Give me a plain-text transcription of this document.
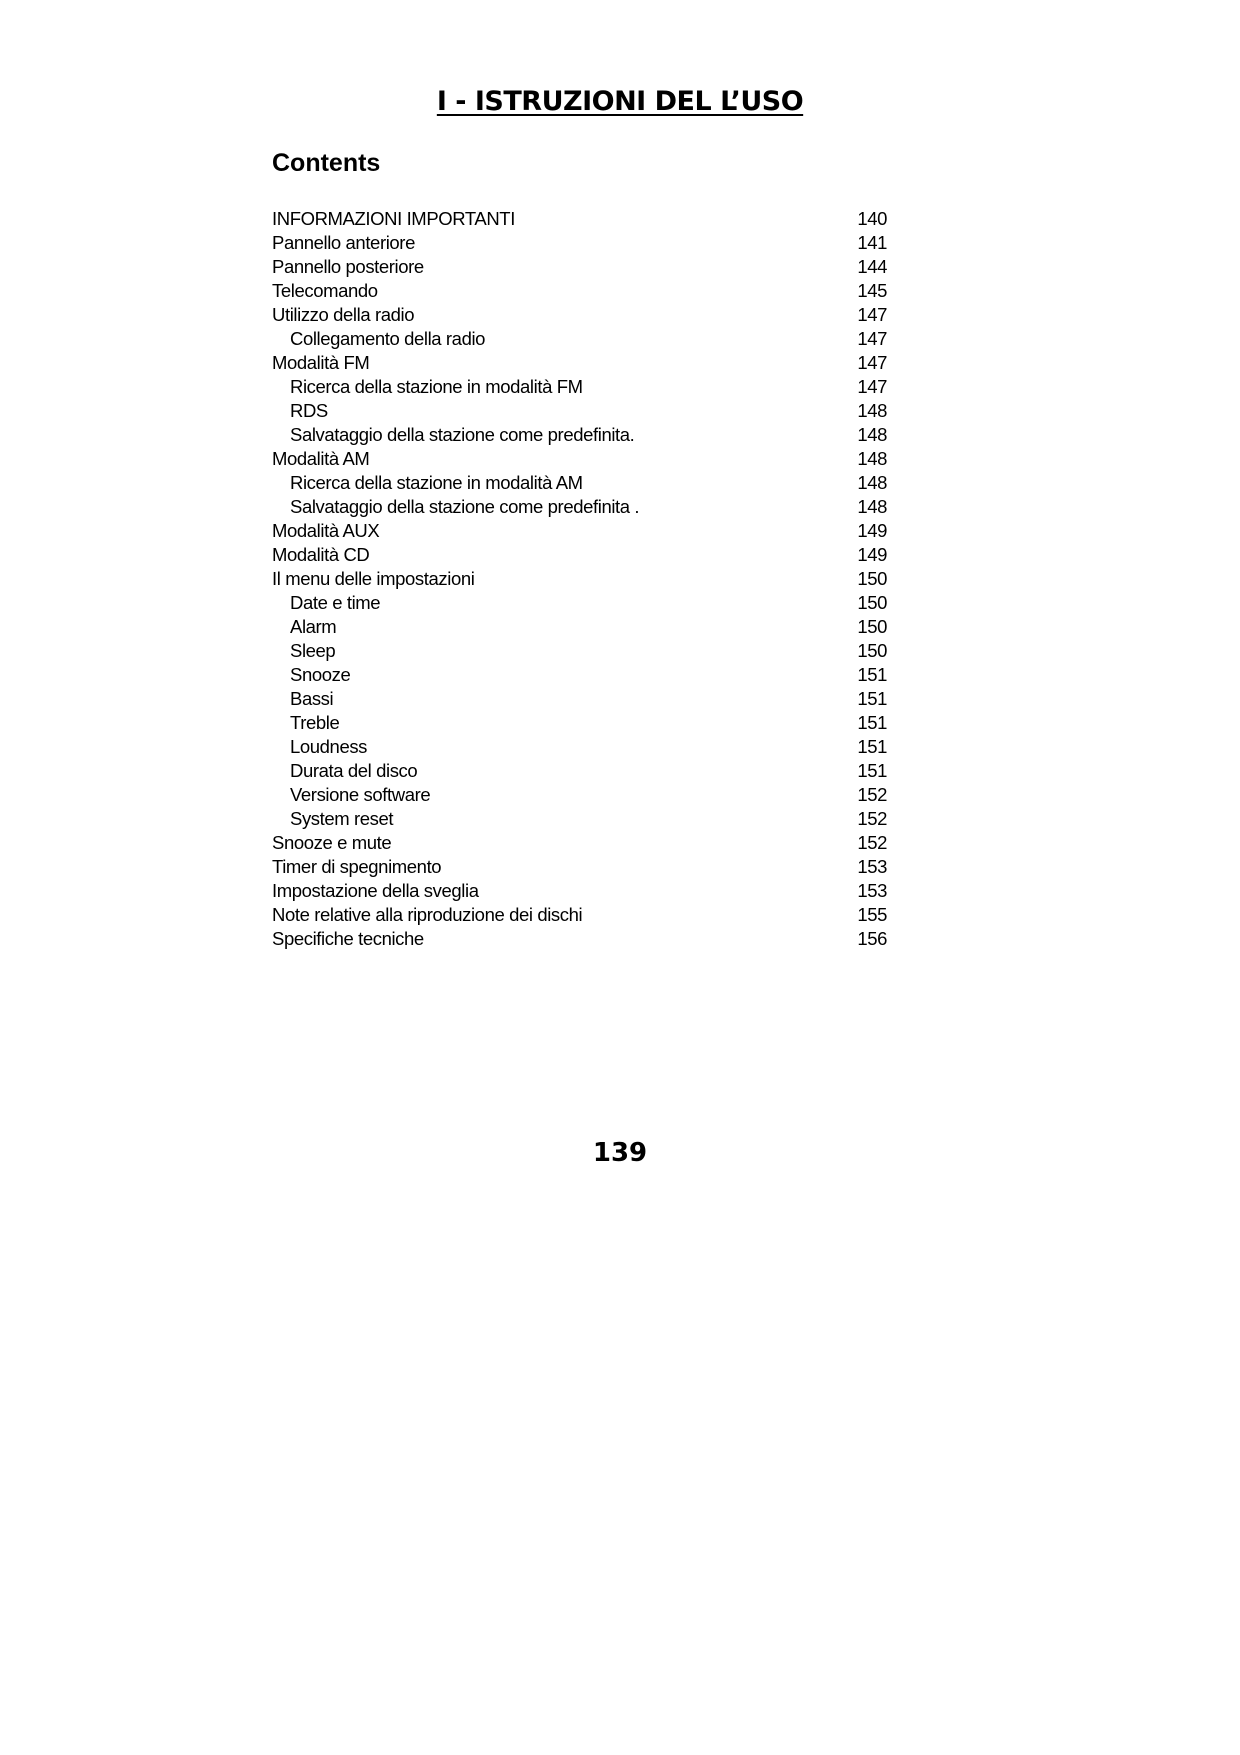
I - ISTRUZIONI DEL L’USO
Contents
INFORMAZIONI IMPORTANTI	140
Pannello anteriore	141
Pannello posteriore	144
Telecomando	145
Utilizzo della radio	147
Collegamento della radio	147
Modalità FM	147
Ricerca della stazione in modalità FM	147
RDS	148
Salvataggio della stazione come predefinita.	148
Modalità AM	148
Ricerca della stazione in modalità AM	148
Salvataggio della stazione come predefinita .	148
Modalità AUX	149
Modalità CD	149
Il menu delle impostazioni	150
Date e time	150
Alarm	150
Sleep	150
Snooze	151
Bassi	151
Treble	151
Loudness	151
Durata del disco	151
Versione software	152
System reset	152
Snooze e mute	152
Timer di spegnimento	153
Impostazione della sveglia	153
Note relative alla riproduzione dei dischi	155
Specifiche tecniche	156
139
